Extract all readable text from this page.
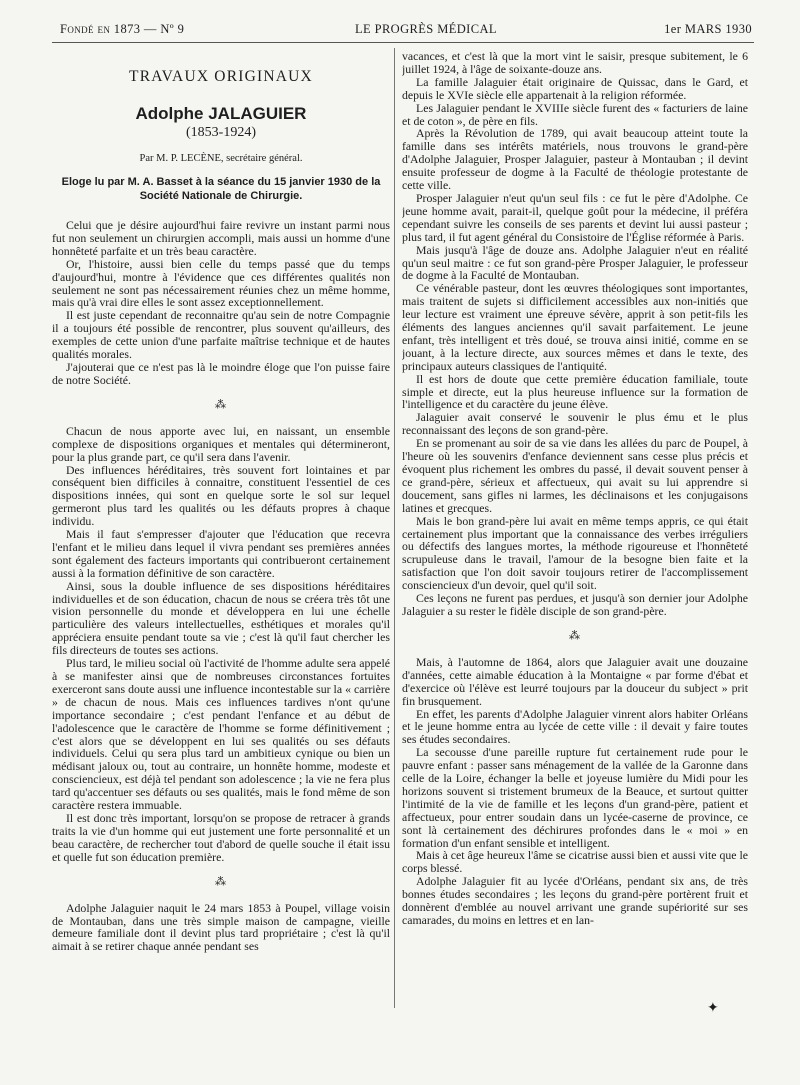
Fondé en 1873 — Nº 9	LE PROGRÈS MÉDICAL	1er MARS 1930
TRAVAUX ORIGINAUX
Adolphe JALAGUIER
(1853-1924)
Par M. P. LECÈNE, secrétaire général.
Eloge lu par M. A. Basset à la séance du 15 janvier 1930 de la Société Nationale de Chirurgie.

Celui que je désire aujourd'hui faire revivre un instant parmi nous fut non seulement un chirurgien accompli, mais aussi un homme d'une honnêteté parfaite et un très beau caractère.

Or, l'histoire, aussi bien celle du temps passé que du temps d'aujourd'hui, montre à l'évidence que ces différentes qualités non seulement ne sont pas nécessairement réunies chez un même homme, mais qu'à vrai dire elles le sont assez exceptionnellement.

Il est juste cependant de reconnaitre qu'au sein de notre Compagnie il a toujours été possible de rencontrer, plus souvent qu'ailleurs, des exemples de cette union d'une parfaite maîtrise technique et de hautes qualités morales.

J'ajouterai que ce n'est pas là le moindre éloge que l'on puisse faire de notre Société.

⁂

Chacun de nous apporte avec lui, en naissant, un ensemble complexe de dispositions organiques et mentales qui détermineront, pour la plus grande part, ce qu'il sera dans l'avenir.

Des influences héréditaires, très souvent fort lointaines et par conséquent bien difficiles à connaitre, constituent l'essentiel de ces dispositions innées, qui sont en quelque sorte le sol sur lequel germeront plus tard les qualités ou les défauts propres à chaque individu.

Mais il faut s'empresser d'ajouter que l'éducation que recevra l'enfant et le milieu dans lequel il vivra pendant ses premières années sont également des facteurs importants qui contribueront certainement aussi à la formation définitive de son caractère.

Ainsi, sous la double influence de ses dispositions héréditaires individuelles et de son éducation, chacun de nous se créera très tôt une vision personnelle du monde et développera en lui une échelle particulière des valeurs intellectuelles, esthétiques et morales qu'il appréciera ensuite pendant toute sa vie ; c'est là qu'il faut chercher les fils directeurs de toutes ses actions.

Plus tard, le milieu social où l'activité de l'homme adulte sera appelé à se manifester ainsi que de nombreuses circonstances fortuites exerceront sans doute aussi une influence incontestable sur la « carrière » de chacun de nous. Mais ces influences tardives n'ont qu'une importance secondaire ; c'est pendant l'enfance et au début de l'adolescence que le caractère de l'homme se forme définitivement ; c'est alors que se développent en lui ses qualités ou ses défauts individuels. Celui qu sera plus tard un ambitieux cynique ou bien un médisant jaloux ou, tout au contraire, un honnête homme, modeste et consciencieux, est déjà tel pendant son adolescence ; la vie ne fera plus tard qu'accentuer ses défauts ou ses qualités, mais le fond même de son caractère restera immuable.

Il est donc très important, lorsqu'on se propose de retracer à grands traits la vie d'un homme qui eut justement une forte personnalité et un beau caractère, de rechercher tout d'abord de quelle souche il était issu et quelle fut son éducation première.

⁂

Adolphe Jalaguier naquit le 24 mars 1853 à Poupel, village voisin de Montauban, dans une très simple maison de campagne, vieille demeure familiale dont il devint plus tard propriétaire ; c'est là qu'il aimait à se retirer chaque année pendant ses

vacances, et c'est là que la mort vint le saisir, presque subitement, le 6 juillet 1924, à l'âge de soixante-douze ans.

La famille Jalaguier était originaire de Quissac, dans le Gard, et depuis le XVIe siècle elle appartenait à la religion réformée.

Les Jalaguier pendant le XVIIIe siècle furent des « facturiers de laine et de coton », de père en fils.

Après la Révolution de 1789, qui avait beaucoup atteint toute la famille dans ses intérêts matériels, nous trouvons le grand-père d'Adolphe Jalaguier, Prosper Jalaguier, pasteur à Montauban ; il devint ensuite professeur de dogme à la Faculté de théologie protestante de cette ville.

Prosper Jalaguier n'eut qu'un seul fils : ce fut le père d'Adolphe. Ce jeune homme avait, parait-il, quelque goût pour la médecine, il préféra cependant suivre les conseils de ses parents et devint lui aussi pasteur ; plus tard, il fut agent général du Consistoire de l'Église réformée à Paris.

Mais jusqu'à l'âge de douze ans. Adolphe Jalaguier n'eut en réalité qu'un seul maitre : ce fut son grand-père Prosper Jalaguier, le professeur de dogme à la Faculté de Montauban.

Ce vénérable pasteur, dont les œuvres théologiques sont importantes, mais traitent de sujets si difficilement accessibles aux non-initiés que leur lecture est vraiment une épreuve sévère, apprit à son petit-fils les éléments des langues anciennes qu'il savait parfaitement. Le jeune enfant, très intelligent et très doué, se trouva ainsi initié, comme en se jouant, à la lecture directe, aux sources mêmes et dans le texte, des principaux auteurs classiques de l'antiquité.

Il est hors de doute que cette première éducation familiale, toute simple et directe, eut la plus heureuse influence sur la formation de l'intelligence et du caractère du jeune élève.

Jalaguier avait conservé le souvenir le plus ému et le plus reconnaissant des leçons de son grand-père.

En se promenant au soir de sa vie dans les allées du parc de Poupel, à l'heure où les souvenirs d'enfance deviennent sans cesse plus précis et évoquent plus richement les ombres du passé, il devait souvent penser à ce grand-père, sérieux et affectueux, qui avait su lui apprendre si doucement, sans gifles ni larmes, les déclinaisons et les conjugaisons latines et grecques.

Mais le bon grand-père lui avait en même temps appris, ce qui était certainement plus important que la connaissance des verbes irréguliers ou défectifs des langues mortes, la méthode rigoureuse et l'honnêteté scrupuleuse dans le travail, l'amour de la besogne bien faite et la satisfaction que l'on doit savoir toujours retirer de l'accomplissement consciencieux d'un devoir, quel qu'il soit.

Ces leçons ne furent pas perdues, et jusqu'à son dernier jour Adolphe Jalaguier a su rester le fidèle disciple de son grand-père.

⁂

Mais, à l'automne de 1864, alors que Jalaguier avait une douzaine d'années, cette aimable éducation à la Montaigne « par forme d'ébat et d'exercice où l'élève est leurré toujours par la douceur du subject » prit fin brusquement.

En effet, les parents d'Adolphe Jalaguier vinrent alors habiter Orléans et le jeune homme entra au lycée de cette ville : il devait y faire toutes ses études secondaires.

La secousse d'une pareille rupture fut certainement rude pour le pauvre enfant : passer sans ménagement de la vallée de la Garonne dans celle de la Loire, échanger la belle et joyeuse lumière du Midi pour les horizons souvent si tristement brumeux de la Beauce, et surtout quitter l'intimité de la vie de famille et les leçons d'un grand-père, patient et affectueux, pour entrer soudain dans un lycée-caserne de province, ce sont là certainement des déchirures profondes dans le « moi » en formation d'un enfant sensible et intelligent.

Mais à cet âge heureux l'âme se cicatrise aussi bien et aussi vite que le corps blessé.

Adolphe Jalaguier fit au lycée d'Orléans, pendant six ans, de très bonnes études secondaires ; les leçons du grand-père portèrent fruit et donnèrent d'emblée au nouvel arrivant une grande supériorité sur ses camarades, du moins en lettres et en lan-

✦
